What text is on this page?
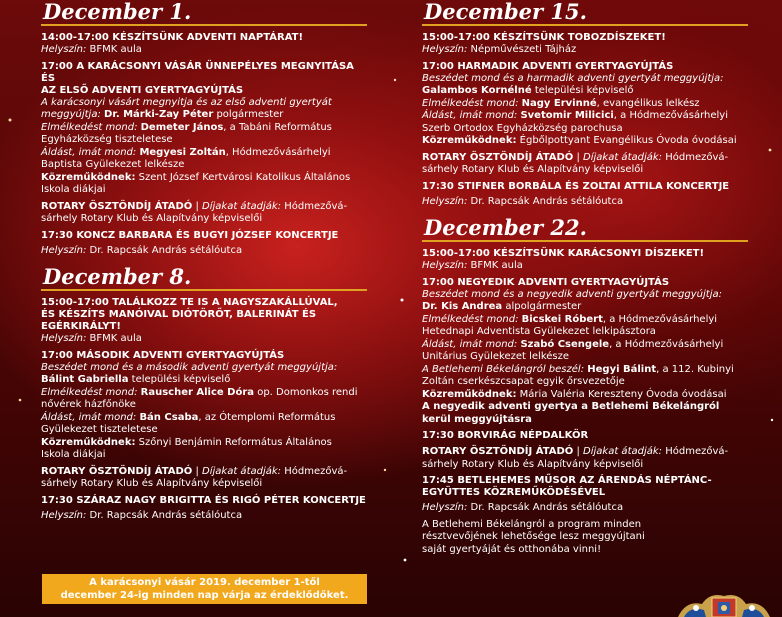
December 1.

14:00-17:00 KÉSZÍTSÜNK ADVENTI NAPTÁRAT!

Helyszín: BFMK aula

17:00 A KARÁCSONYI VÁSÁR ÜNNEPÉLYES MEGNYITÁSA ÉS

AZ ELSŐ ADVENTI GYERTYAGYÚJTÁS

A karácsonyi vásárt megnyitja és az első adventi gyertyát

meggyújtja: Dr. Márki-Zay Péter polgármester

Elmélkedést mond: Demeter János, a Tabáni Református

Egyházközség tiszteletese

Áldást, imát mond: Megyesi Zoltán, Hódmezővásárhelyi

Baptista Gyülekezet lelkésze

Közreműködnek: Szent József Kertvárosi Katolikus Általános

Iskola diákjai

ROTARY ÖSZTÖNDÍJ ÁTADÓ | Díjakat átadják: Hódmezővá-

sárhely Rotary Klub és Alapítvány képviselői

17:30 KONCZ BARBARA ÉS BUGYI JÓZSEF KONCERTJE

Helyszín: Dr. Rapcsák András sétálóutca

December 8.

15:00-17:00 TALÁLKOZZ TE IS A NAGYSZAKÁLLÚVAL,

ÉS KÉSZÍTS MANÓIVAL DIÓTÖRŐT, BALERINÁT ÉS

EGÉRKIRÁLYT!

Helyszín: BFMK aula

17:00 MÁSODIK ADVENTI GYERTYAGYÚJTÁS

Beszédet mond és a második adventi gyertyát meggyújtja:

Bálint Gabriella települési képviselő

Elmélkedést mond: Rauscher Alice Dóra op. Domonkos rendi

nővérek házfőnöke

Áldást, imát mond: Bán Csaba, az Ótemplomi Református

Gyülekezet tiszteletese

Közreműködnek: Szőnyi Benjámin Református Általános

Iskola diákjai

ROTARY ÖSZTÖNDÍJ ÁTADÓ | Díjakat átadják: Hódmezővá-

sárhely Rotary Klub és Alapítvány képviselői

17:30 SZÁRAZ NAGY BRIGITTA ÉS RIGÓ PÉTER KONCERTJE

Helyszín: Dr. Rapcsák András sétálóutca

A karácsonyi vásár 2019. december 1-től
december 24-ig minden nap várja az érdeklődőket.
December 15.

15:00-17:00 KÉSZÍTSÜNK TOBOZDÍSZEKET!

Helyszín: Népművészeti Tájház

17:00 HARMADIK ADVENTI GYERTYAGYÚJTÁS

Beszédet mond és a harmadik adventi gyertyát meggyújtja:

Galambos Kornélné települési képviselő

Elmélkedést mond: Nagy Ervinné, evangélikus lelkész

Áldást, imát mond: Svetomir Milicici, a Hódmezővásárhelyi

Szerb Ortodox Egyházközség parochusa

Közreműködnek: Égbőlpottyant Evangélikus Óvoda óvodásai

ROTARY ÖSZTÖNDÍJ ÁTADÓ | Díjakat átadják: Hódmezővá-

sárhely Rotary Klub és Alapítvány képviselői

17:30 STIFNER BORBÁLA ÉS ZOLTAI ATTILA KONCERTJE

Helyszín: Dr. Rapcsák András sétálóutca

December 22.

15:00-17:00 KÉSZÍTSÜNK KARÁCSONYI DÍSZEKET!

Helyszín: BFMK aula

17:00 NEGYEDIK ADVENTI GYERTYAGYÚJTÁS

Beszédet mond és a negyedik adventi gyertyát meggyújtja:

Dr. Kis Andrea alpolgármester

Elmélkedést mond: Bicskei Róbert, a Hódmezővásárhelyi

Hetednapi Adventista Gyülekezet lelkipásztora

Áldást, imát mond: Szabó Csengele, a Hódmezővásárhelyi

Unitárius Gyülekezet lelkésze

A Betlehemi Békelángról beszél: Hegyi Bálint, a 112. Kubinyi

Zoltán cserkészcsapat egyik őrsvezetője

Közreműködnek: Mária Valéria Kereszteny Óvoda óvodásai

A negyedik adventi gyertya a Betlehemi Békelángról

kerül meggyújtásra

17:30 BORVIRÁG NÉPDALKÖR

ROTARY ÖSZTÖNDÍJ ÁTADÓ | Díjakat átadják: Hódmezővá-

sárhely Rotary Klub és Alapítvány képviselői

17:45 BETLEHEMES MŰSOR AZ ÁRENDÁS NÉPTÁNC-

EGYÜTTES KÖZREMŰKÖDÉSÉVEL

Helyszín: Dr. Rapcsák András sétálóutca

A Betlehemi Békelángról a program minden

résztvevőjének lehetősége lesz meggyújtani

saját gyertyáját és otthonába vinni!
